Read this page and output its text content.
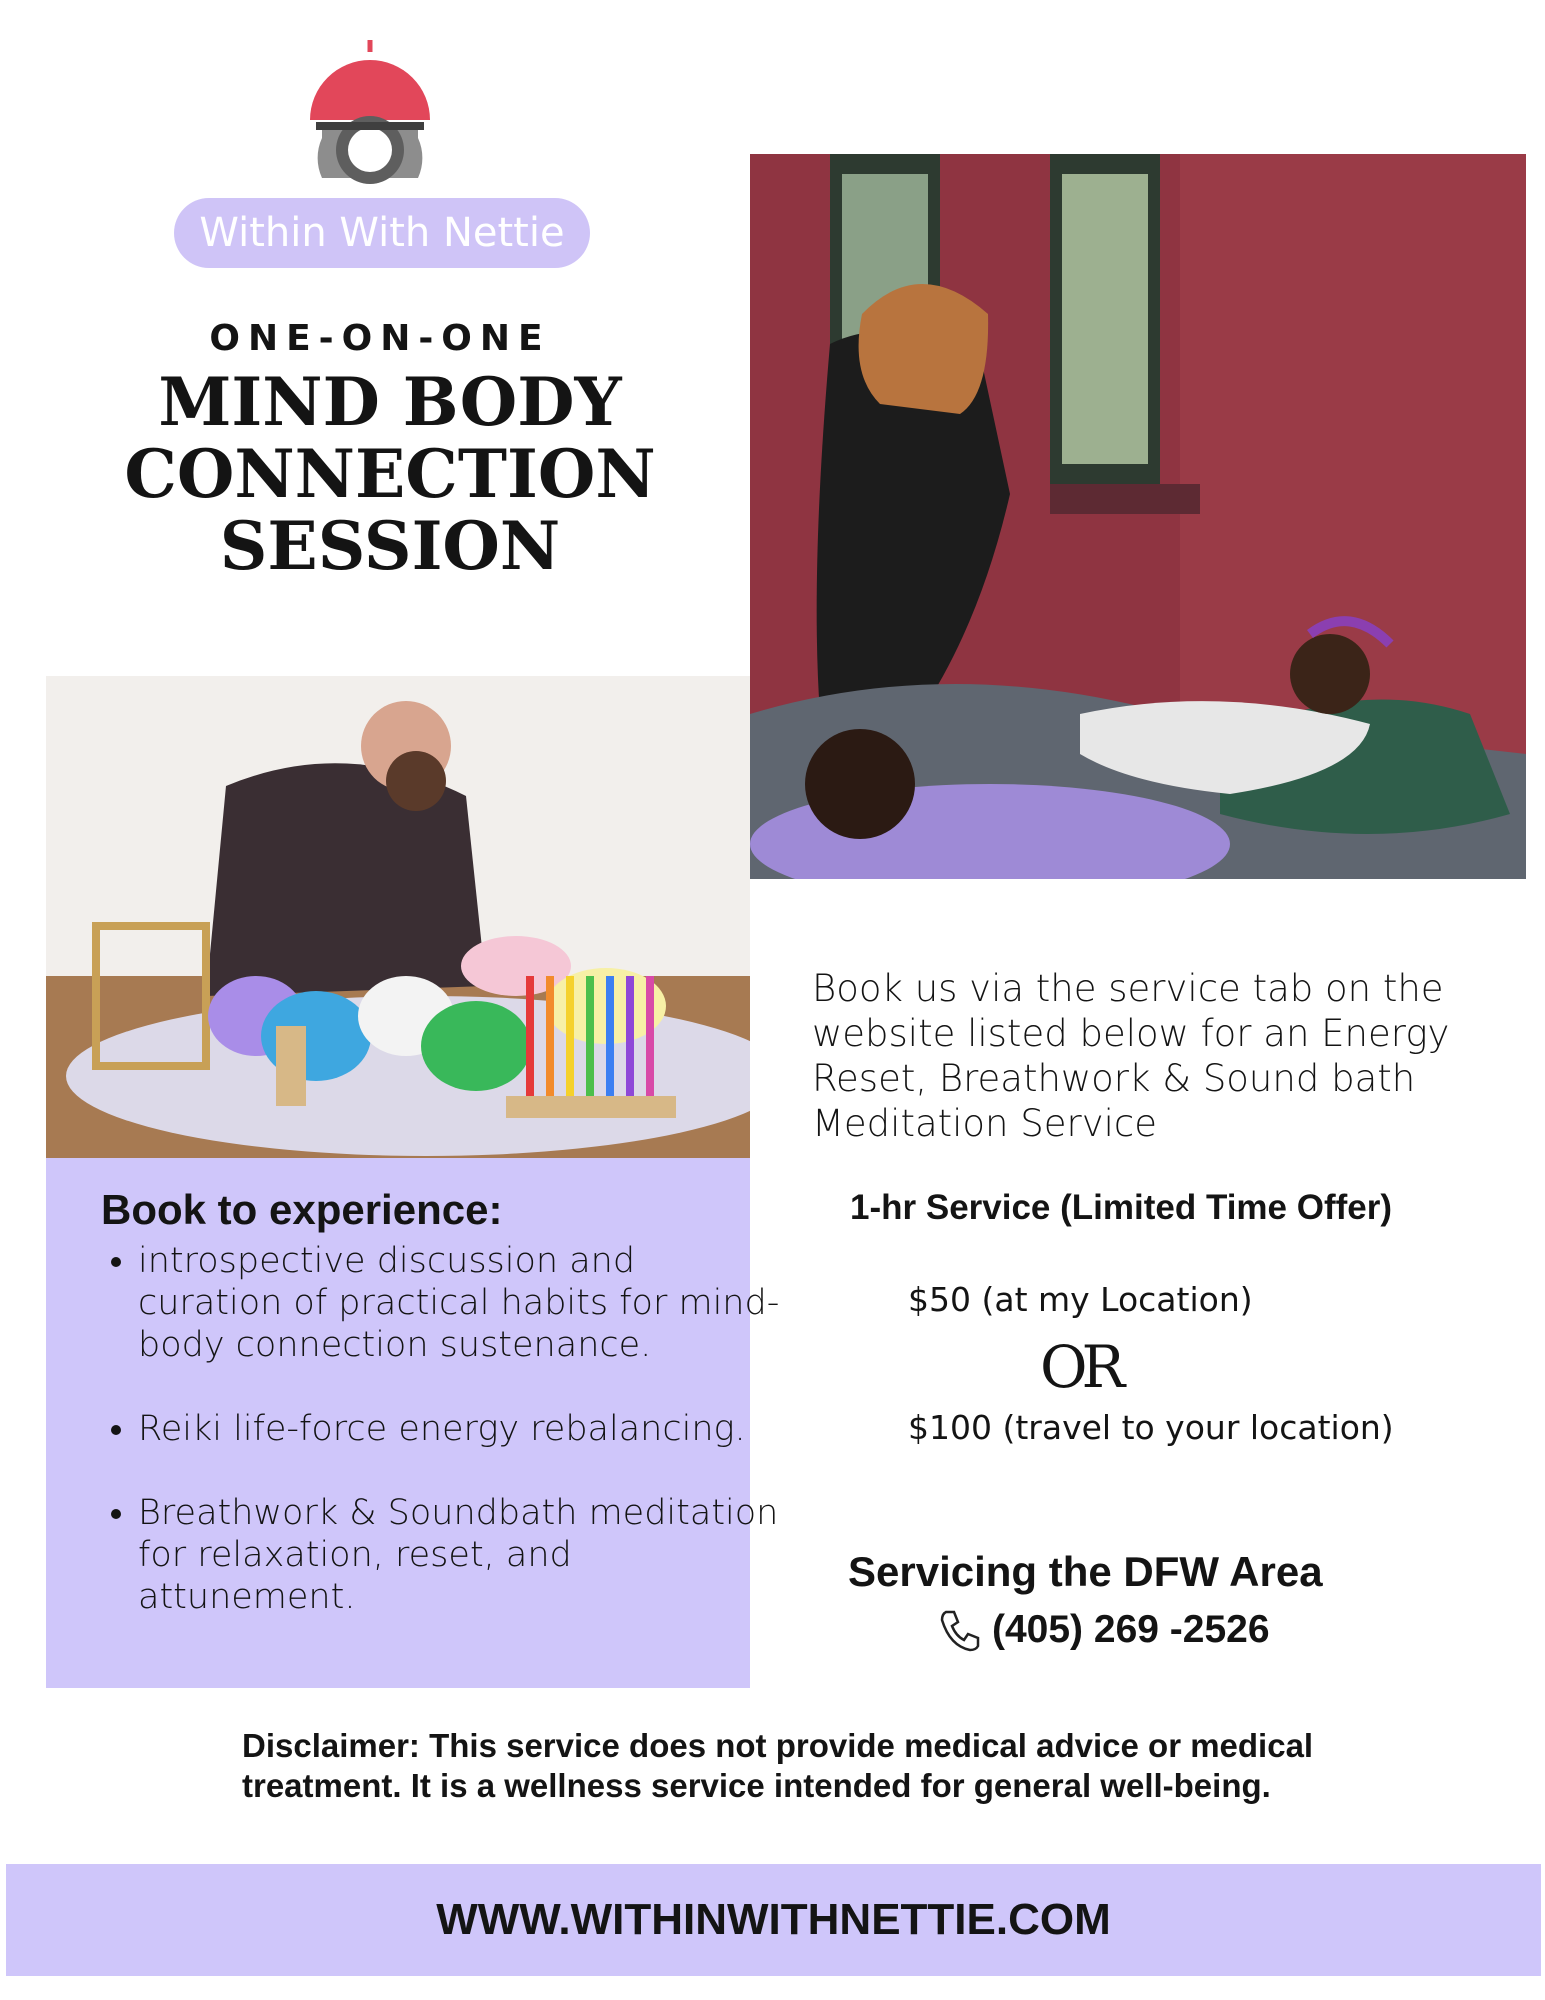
Within With Nettie
ONE-ON-ONE
MIND BODY
CONNECTION
SESSION
Book to experience:
• introspective discussion and curation of practical habits for mind-body connection sustenance.
• Reiki life-force energy rebalancing.
• Breathwork & Soundbath meditation for relaxation, reset, and attunement.
Book us via the service tab on the website listed below for an Energy Reset, Breathwork & Sound bath Meditation Service
1-hr Service (Limited Time Offer)
$50 (at my Location)
OR
$100 (travel to your location)
Servicing the DFW Area
(405) 269 -2526
Disclaimer: This service does not provide medical advice or medical treatment. It is a wellness service intended for general well-being.
WWW.WITHINWITHNETTIE.COM
